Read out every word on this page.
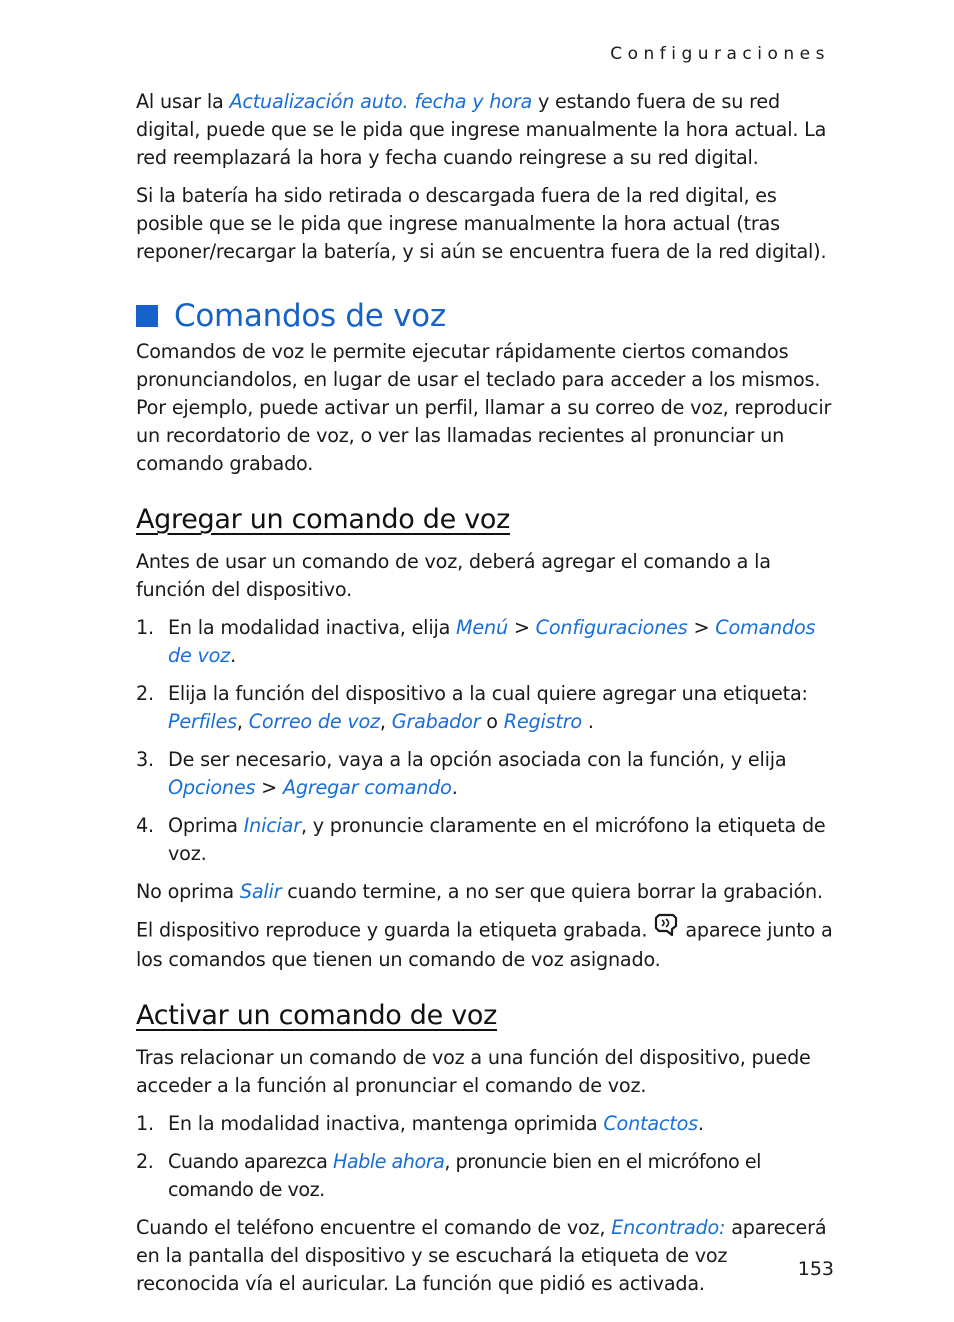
Configuraciones

Al usar la Actualización auto. fecha y hora y estando fuera de su red digital, puede que se le pida que ingrese manualmente la hora actual. La red reemplazará la hora y fecha cuando reingrese a su red digital.

Si la batería ha sido retirada o descargada fuera de la red digital, es posible que se le pida que ingrese manualmente la hora actual (tras reponer/recargar la batería, y si aún se encuentra fuera de la red digital).

Comandos de voz

Comandos de voz le permite ejecutar rápidamente ciertos comandos pronunciandolos, en lugar de usar el teclado para acceder a los mismos. Por ejemplo, puede activar un perfil, llamar a su correo de voz, reproducir un recordatorio de voz, o ver las llamadas recientes al pronunciar un comando grabado.

Agregar un comando de voz

Antes de usar un comando de voz, deberá agregar el comando a la función del dispositivo.

1. En la modalidad inactiva, elija Menú > Configuraciones > Comandos de voz.
2. Elija la función del dispositivo a la cual quiere agregar una etiqueta: Perfiles, Correo de voz, Grabador o Registro .
3. De ser necesario, vaya a la opción asociada con la función, y elija Opciones > Agregar comando.
4. Oprima Iniciar, y pronuncie claramente en el micrófono la etiqueta de voz.

No oprima Salir cuando termine, a no ser que quiera borrar la grabación.

El dispositivo reproduce y guarda la etiqueta grabada. aparece junto a los comandos que tienen un comando de voz asignado.

Activar un comando de voz

Tras relacionar un comando de voz a una función del dispositivo, puede acceder a la función al pronunciar el comando de voz.

1. En la modalidad inactiva, mantenga oprimida Contactos.
2. Cuando aparezca Hable ahora, pronuncie bien en el micrófono el comando de voz.

Cuando el teléfono encuentre el comando de voz, Encontrado: aparecerá en la pantalla del dispositivo y se escuchará la etiqueta de voz reconocida vía el auricular. La función que pidió es activada.

153
